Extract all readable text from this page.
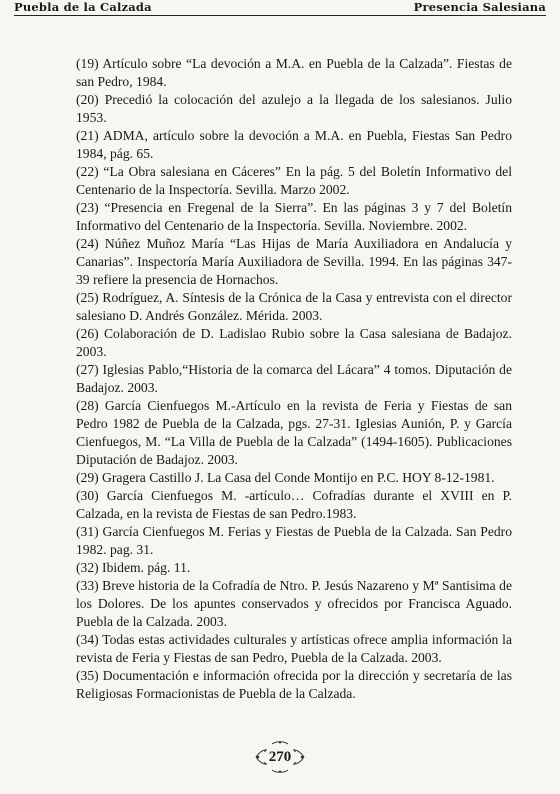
Puebla de la Calzada	Presencia Salesiana

(19) Artículo sobre “La devoción a M.A. en Puebla de la Calzada”. Fiestas de san Pedro, 1984.

(20) Precedió la colocación del azulejo a la llegada de los salesianos. Julio 1953.

(21) ADMA, artículo sobre la devoción a M.A. en Puebla, Fiestas San Pedro 1984, pág. 65.

(22) “La Obra salesiana en Cáceres” En la pág. 5 del Boletín Informativo del Centenario de la Inspectoría. Sevilla. Marzo 2002.

(23) “Presencia en Fregenal de la Sierra”. En las páginas 3 y 7 del Boletín Informativo del Centenario de la Inspectoría. Sevilla. Noviembre. 2002.

(24) Núñez Muñoz María “Las Hijas de María Auxiliadora en Andalucía y Canarias”. Inspectoría María Auxiliadora de Sevilla. 1994. En las páginas 347-39 refiere la presencia de Hornachos.

(25) Rodríguez, A. Síntesis de la Crónica de la Casa y entrevista con el director salesiano D. Andrés González. Mérida. 2003.

(26) Colaboración de D. Ladislao Rubio sobre la Casa salesiana de Badajoz. 2003.

(27) Iglesias Pablo,“Historia de la comarca del Lácara” 4 tomos. Diputación de Badajoz. 2003.

(28) García Cienfuegos M.-Artículo en la revista de Feria y Fiestas de san Pedro 1982 de Puebla de la Calzada, pgs. 27-31. Iglesias Aunión, P. y García Cienfuegos, M. “La Villa de Puebla de la Calzada” (1494-1605). Publicaciones Diputación de Badajoz. 2003.

(29) Gragera Castillo J. La Casa del Conde Montijo en P.C. HOY 8-12-1981.

(30) García Cienfuegos M. -artículo… Cofradías durante el XVIII en P. Calzada, en la revista de Fiestas de san Pedro.1983.

(31) García Cienfuegos M. Ferias y Fiestas de Puebla de la Calzada. San Pedro 1982. pag. 31.

(32) Ibidem. pág. 11.

(33) Breve historia de la Cofradía de Ntro. P. Jesús Nazareno y Mª Santisima de los Dolores. De los apuntes conservados y ofrecidos por Francisca Aguado. Puebla de la Calzada. 2003.

(34) Todas estas actividades culturales y artísticas ofrece amplia información la revista de Feria y Fiestas de san Pedro, Puebla de la Calzada. 2003.

(35) Documentación e información ofrecida por la dirección y secretaría de las Religiosas Formacionistas de Puebla de la Calzada.

270
